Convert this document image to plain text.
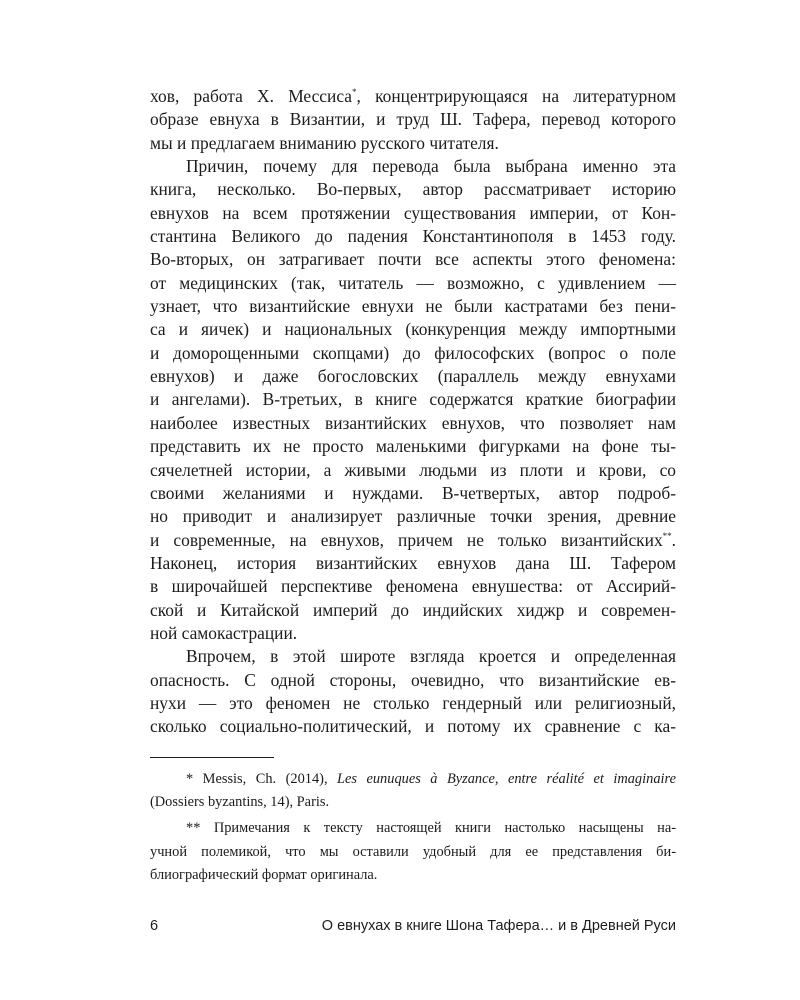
хов, работа Х. Мессиса*, концентрирующаяся на литературном
образе евнуха в Византии, и труд Ш. Тафера, перевод которого
мы и предлагаем вниманию русского читателя.

Причин, почему для перевода была выбрана именно эта
книга, несколько. Во-первых, автор рассматривает историю
евнухов на всем протяжении существования империи, от Кон-
стантина Великого до падения Константинополя в 1453 году.
Во-вторых, он затрагивает почти все аспекты этого феномена:
от медицинских (так, читатель — возможно, с удивлением —
узнает, что византийские евнухи не были кастратами без пени-
са и яичек) и национальных (конкуренция между импортными
и доморощенными скопцами) до философских (вопрос о поле
евнухов) и даже богословских (параллель между евнухами
и ангелами). В-третьих, в книге содержатся краткие биографии
наиболее известных византийских евнухов, что позволяет нам
представить их не просто маленькими фигурками на фоне ты-
сячелетней истории, а живыми людьми из плоти и крови, со
своими желаниями и нуждами. В-четвертых, автор подроб-
но приводит и анализирует различные точки зрения, древние
и современные, на евнухов, причем не только византийских**.
Наконец, история византийских евнухов дана Ш. Тафером
в широчайшей перспективе феномена евнушества: от Ассирий-
ской и Китайской империй до индийских хиджр и современ-
ной самокастрации.

Впрочем, в этой широте взгляда кроется и определенная
опасность. С одной стороны, очевидно, что византийские ев-
нухи — это феномен не столько гендерный или религиозный,
сколько социально-политический, и потому их сравнение с ка-

* Messis, Ch. (2014), Les eunuques à Byzance, entre réalité et imaginaire
(Dossiers byzantins, 14), Paris.
** Примечания к тексту настоящей книги настолько насыщены на-
учной полемикой, что мы оставили удобный для ее представления би-
блиографический формат оригинала.
6	О евнухах в книге Шона Тафера… и в Древней Руси
